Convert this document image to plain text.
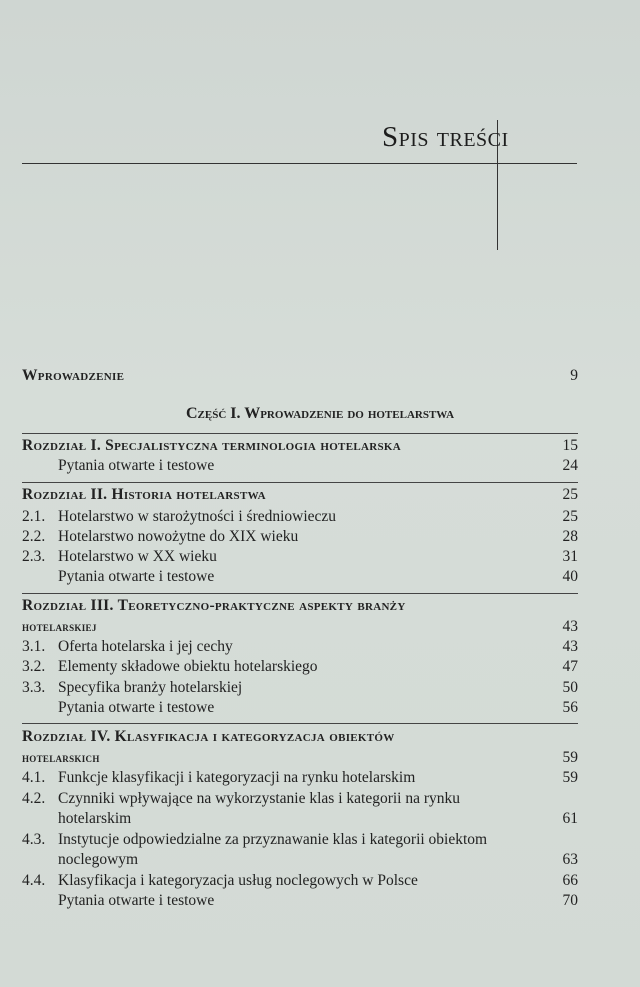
Spis treści
Wprowadzenie	9
Część I. Wprowadzenie do hotelarstwa
Rozdział I. Specjalistyczna terminologia hotelarska	15
Pytania otwarte i testowe	24
Rozdział II. Historia hotelarstwa	25
2.1. Hotelarstwo w starożytności i średniowieczu	25
2.2. Hotelarstwo nowożytne do XIX wieku	28
2.3. Hotelarstwo w XX wieku	31
Pytania otwarte i testowe	40
Rozdział III. Teoretyczno-praktyczne aspekty branży
hotelarskiej	43
3.1. Oferta hotelarska i jej cechy	43
3.2. Elementy składowe obiektu hotelarskiego	47
3.3. Specyfika branży hotelarskiej	50
Pytania otwarte i testowe	56
Rozdział IV. Klasyfikacja i kategoryzacja obiektów
hotelarskich	59
4.1. Funkcje klasyfikacji i kategoryzacji na rynku hotelarskim	59
4.2. Czynniki wpływające na wykorzystanie klas i kategorii na rynku
hotelarskim	61
4.3. Instytucje odpowiedzialne za przyznawanie klas i kategorii obiektom
noclegowym	63
4.4. Klasyfikacja i kategoryzacja usług noclegowych w Polsce	66
Pytania otwarte i testowe	70
